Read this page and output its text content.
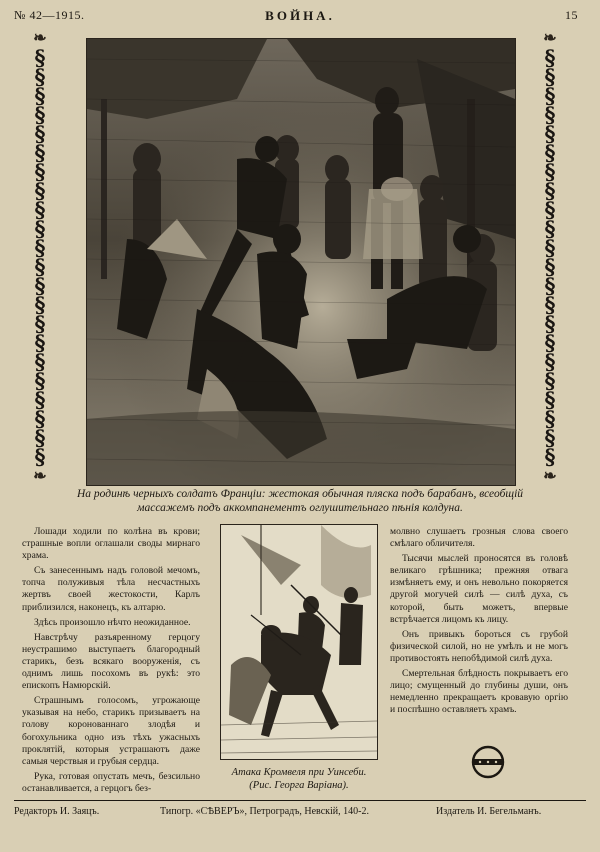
№ 42—1915.	ВОЙНА.	15
❧
§
§
§
§
§
§
§
§
§
§
§
§
§
§
§
§
§
§
§
§
§
§
❧
❧
§
§
§
§
§
§
§
§
§
§
§
§
§
§
§
§
§
§
§
§
§
§
❧
На родинѣ черныхъ солдатъ Франціи: жестокая обычная пляска подъ барабанъ, всеобщій
массажемъ подъ аккомпанементъ оглушительнаго пѣнія колдуна.

Лошади ходили по колѣна въ крови; страшные вопли оглашали своды мирнаго храма.

Съ занесеннымъ надъ головой мечомъ, топча полуживыя тѣла несчастныхъ жертвъ своей жестокости, Карлъ приблизился, наконецъ, къ алтарю.

Здѣсь произошло нѣчто неожиданное.

Навстрѣчу разъяренному герцогу неустрашимо выступаетъ благородный старикъ, безъ всякаго вооруженія, съ однимъ лишь посохомъ въ рукѣ: это епископъ Намюрскій.

Страшнымъ голосомъ, угрожающе указывая на небо, старикъ призываетъ на голову коронованнаго злодѣя и богохульника одно изъ тѣхъ ужасныхъ проклятій, которыя устрашаютъ даже самыя черствыя и грубыя сердца.

Рука, готовая опустать мечъ, безсильно останавливается, а герцогъ без-

Атака Кромвеля при Уинсеби.
(Рис. Георга Варіана).

молвно слушаетъ грозныя слова своего смѣлаго обличителя.

Тысячи мыслей проносятся въ головѣ великаго грѣшника; прежняя отвага измѣняетъ ему, и онъ невольно покоряется другой могучей силѣ — силѣ духа, съ которой, быть можетъ, впервые встрѣчается лицомъ къ лицу.

Онъ привыкъ бороться съ грубой физической силой, но не умѣлъ и не могъ противостоять непобѣдимой силѣ духа.

Смертельная блѣдность покрываетъ его лицо; смущенный до глубины души, онъ немедленно прекращаетъ кровавую оргію и поспѣшно оставляетъ храмъ.

Редакторъ И. Заяцъ.	Типогр. «СѢВЕРЪ», Петроградъ, Невскій, 140-2.	Издатель И. Бегельманъ.
